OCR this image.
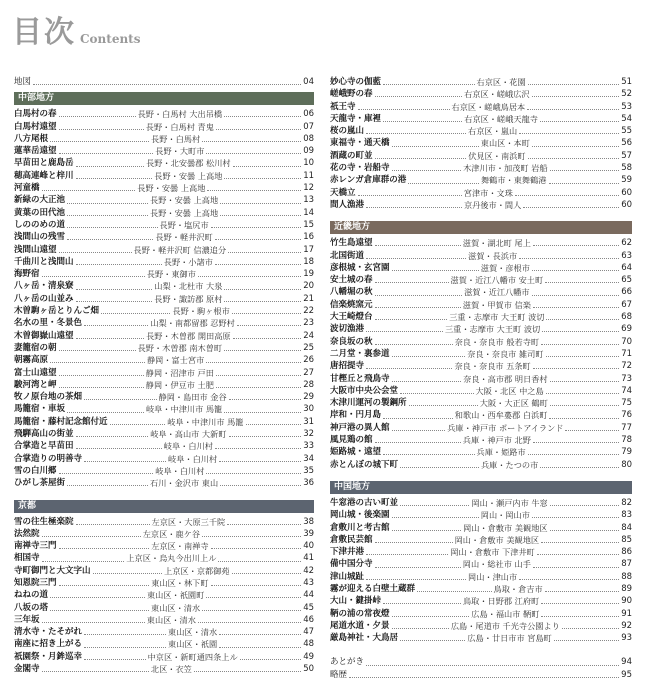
目次 Contents
地図	04
中部地方
白馬村の春	長野・白馬村 大出吊橋	06
白馬村遠望	長野・白馬村 青鬼	07
八方尾根	長野・白馬村	08
蓮華岳遠望	長野・大町市	09
早苗田と鹿島岳	長野・北安曇郡 松川村	10
穂高連峰と梓川	長野・安曇 上高地	11
河童橋	長野・安曇 上高地	12
新緑の大正池	長野・安曇 上高地	13
黄葉の田代池	長野・安曇 上高地	14
しののめの道	長野・塩尻市	15
浅間山の残雪	長野・軽井沢町	16
浅間山遠望	長野・軽井沢町 信濃追分	17
千曲川と浅間山	長野・小諸市	18
海野宿	長野・東御市	19
八ヶ岳・清泉寮	山梨・北杜市 大泉	20
八ヶ岳の山並み	長野・諏訪郡 原村	21
木曽駒ヶ岳とりんご畑	長野・駒ヶ根市	22
名水の里・冬景色	山梨・南都留郡 忍野村	23
木曽御嶽山遠望	長野・木曽郡 開田高原	24
妻籠宿の朝	長野・木曽郡 南木曽町	25
朝霧高原	静岡・富士宮市	26
富士山遠望	静岡・沼津市 戸田	27
駿河湾と岬	静岡・伊豆市 土肥	28
牧ノ原台地の茶畑	静岡・島田市 金谷	29
馬籠宿・車坂	岐阜・中津川市 馬籠	30
馬籠宿・藤村記念館付近	岐阜・中津川市 馬籠	31
飛騨高山の街並	岐阜・高山市 大新町	32
合掌造と早苗田	岐阜・白川村	33
合掌造りの明善寺	岐阜・白川村	34
雪の白川郷	岐阜・白川村	35
ひがし茶屋街	石川・金沢市 東山	36
京都
雪の往生極楽院	左京区・大原三千院	38
法然院	左京区・鹿ケ谷	39
南禅寺三門	左京区・南禅寺	40
相国寺	上京区・烏丸今出川上ル	41
寺町御門と大文字山	上京区・京都御苑	42
知恩院三門	東山区・林下町	43
ねねの道	東山区・祇園町	44
八坂の塔	東山区・清水	45
三年坂	東山区・清水	46
清水寺・たそがれ	東山区・清水	47
南座に招き上がる	東山区・祇園	48
祇園祭・月鉾巡幸	中京区・新町通四条上ル	49
金閣寺	北区・衣笠	50
妙心寺の伽藍	右京区・花園	51
嵯峨野の春	右京区・嵯峨広沢	52
祇王寺	右京区・嵯峨鳥居本	53
天龍寺・庫裡	右京区・嵯峨天龍寺	54
桜の嵐山	右京区・嵐山	55
東福寺・通天橋	東山区・本町	56
酒蔵の町並	伏見区・南浜町	57
花の寺・岩船寺	木津川市・加茂町 岩船	58
赤レンガ倉庫群の港	舞鶴市・東舞鶴港	59
天橋立	宮津市・文珠	60
間人漁港	京丹後市・間人	60
近畿地方
竹生島遠望	滋賀・湖北町 尾上	62
北国街道	滋賀・長浜市	63
彦根城・玄宮園	滋賀・彦根市	64
安土城の春	滋賀・近江八幡市 安土町	65
八幡堀の秋	滋賀・近江八幡市	66
信楽焼窯元	滋賀・甲賀市 信楽	67
大王崎燈台	三重・志摩市 大王町 波切	68
波切漁港	三重・志摩市 大王町 波切	69
奈良坂の秋	奈良・奈良市 般若寺町	70
二月堂・裏参道	奈良・奈良市 雑司町	71
唐招提寺	奈良・奈良市 五条町	72
甘樫丘と飛鳥寺	奈良・高市郡 明日香村	73
大阪市中央公会堂	大阪・北区 中之島	74
木津川運河の製鋼所	大阪・大正区 鶴町	75
岸和・円月島	和歌山・西牟婁郡 白浜町	76
神戸港の異人館	兵庫・神戸市 ポートアイランド	77
風見鶏の館	兵庫・神戸市 北野	78
姫路城・遠望	兵庫・姫路市	79
赤とんぼの城下町	兵庫・たつの市	80
中国地方
牛窓港の古い町並	岡山・瀬戸内市 牛窓	82
岡山城・後楽園	岡山・岡山市	83
倉敷川と考古館	岡山・倉敷市 美観地区	84
倉敷民芸館	岡山・倉敷市 美観地区	85
下津井港	岡山・倉敷市 下津井町	86
備中国分寺	岡山・総社市 山手	87
津山城趾	岡山・津山市	88
霧が迎える白壁土蔵群	鳥取・倉吉市	89
大山・鍵掛峠	鳥取・日野郡 江府町	90
鞆の浦の常夜燈	広島・福山市 鞆町	91
尾道水道・夕景	広島・尾道市 千光寺公園より	92
厳島神社・大鳥居	広島・廿日市市 宮島町	93
あとがき	94
略歴	95
